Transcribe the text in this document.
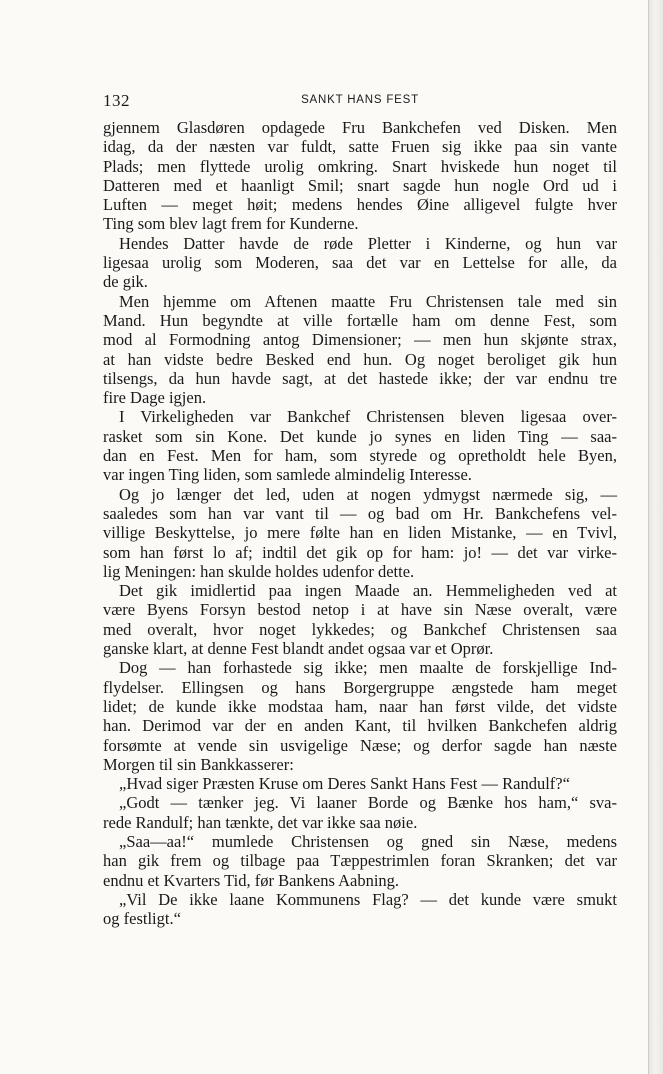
132	SANKT HANS FEST
gjennem Glasdøren opdagede Fru Bankchefen ved Disken. Men
idag, da der næsten var fuldt, satte Fruen sig ikke paa sin vante
Plads; men flyttede urolig omkring. Snart hviskede hun noget til
Datteren med et haanligt Smil; snart sagde hun nogle Ord ud i
Luften — meget høit; medens hendes Øine alligevel fulgte hver
Ting som blev lagt frem for Kunderne.
Hendes Datter havde de røde Pletter i Kinderne, og hun var
ligesaa urolig som Moderen, saa det var en Lettelse for alle, da
de gik.
Men hjemme om Aftenen maatte Fru Christensen tale med sin
Mand. Hun begyndte at ville fortælle ham om denne Fest, som
mod al Formodning antog Dimensioner; — men hun skjønte strax,
at han vidste bedre Besked end hun. Og noget beroliget gik hun
tilsengs, da hun havde sagt, at det hastede ikke; der var endnu tre
fire Dage igjen.
I Virkeligheden var Bankchef Christensen bleven ligesaa over-
rasket som sin Kone. Det kunde jo synes en liden Ting — saa-
dan en Fest. Men for ham, som styrede og opretholdt hele Byen,
var ingen Ting liden, som samlede almindelig Interesse.
Og jo længer det led, uden at nogen ydmygst nærmede sig, —
saaledes som han var vant til — og bad om Hr. Bankchefens vel-
villige Beskyttelse, jo mere følte han en liden Mistanke, — en Tvivl,
som han først lo af; indtil det gik op for ham: jo! — det var virke-
lig Meningen: han skulde holdes udenfor dette.
Det gik imidlertid paa ingen Maade an. Hemmeligheden ved at
være Byens Forsyn bestod netop i at have sin Næse overalt, være
med overalt, hvor noget lykkedes; og Bankchef Christensen saa
ganske klart, at denne Fest blandt andet ogsaa var et Oprør.
Dog — han forhastede sig ikke; men maalte de forskjellige Ind-
flydelser. Ellingsen og hans Borgergruppe ængstede ham meget
lidet; de kunde ikke modstaa ham, naar han først vilde, det vidste
han. Derimod var der en anden Kant, til hvilken Bankchefen aldrig
forsømte at vende sin usvigelige Næse; og derfor sagde han næste
Morgen til sin Bankkasserer:
„Hvad siger Præsten Kruse om Deres Sankt Hans Fest — Randulf?“
„Godt — tænker jeg. Vi laaner Borde og Bænke hos ham,“ sva-
rede Randulf; han tænkte, det var ikke saa nøie.
„Saa—aa!“ mumlede Christensen og gned sin Næse, medens
han gik frem og tilbage paa Tæppestrimlen foran Skranken; det var
endnu et Kvarters Tid, før Bankens Aabning.
„Vil De ikke laane Kommunens Flag? — det kunde være smukt
og festligt.“
